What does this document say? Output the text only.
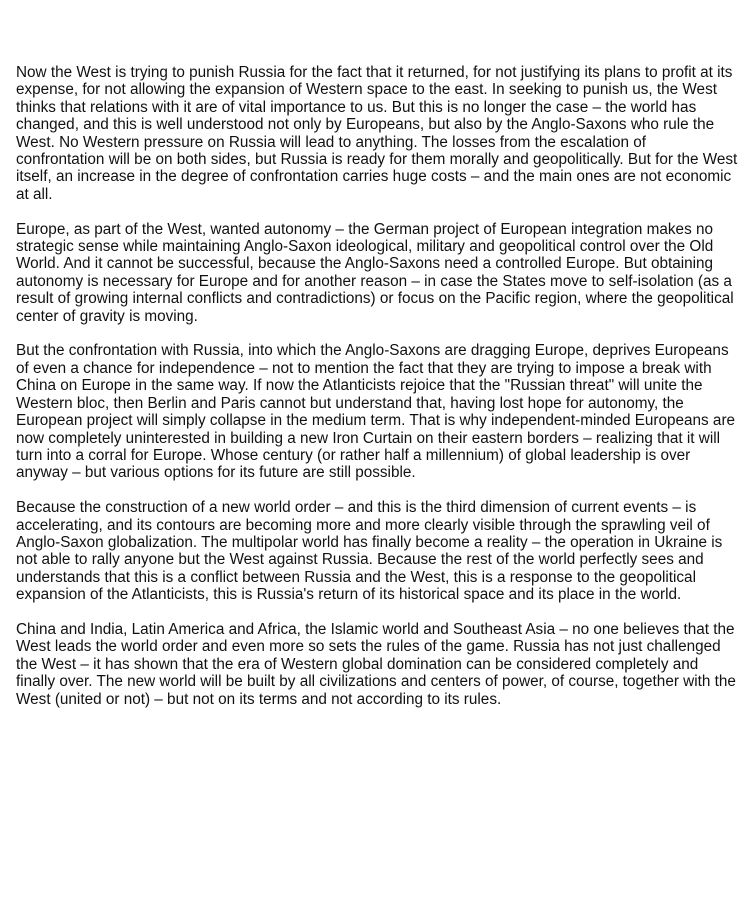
Now the West is trying to punish Russia for the fact that it returned, for not justifying its plans to profit at its expense, for not allowing the expansion of Western space to the east. In seeking to punish us, the West thinks that relations with it are of vital importance to us. But this is no longer the case – the world has changed, and this is well understood not only by Europeans, but also by the Anglo-Saxons who rule the West. No Western pressure on Russia will lead to anything. The losses from the escalation of confrontation will be on both sides, but Russia is ready for them morally and geopolitically. But for the West itself, an increase in the degree of confrontation carries huge costs – and the main ones are not economic at all.

Europe, as part of the West, wanted autonomy – the German project of European integration makes no strategic sense while maintaining Anglo-Saxon ideological, military and geopolitical control over the Old World. And it cannot be successful, because the Anglo-Saxons need a controlled Europe. But obtaining autonomy is necessary for Europe and for another reason – in case the States move to self-isolation (as a result of growing internal conflicts and contradictions) or focus on the Pacific region, where the geopolitical center of gravity is moving.

But the confrontation with Russia, into which the Anglo-Saxons are dragging Europe, deprives Europeans of even a chance for independence – not to mention the fact that they are trying to impose a break with China on Europe in the same way. If now the Atlanticists rejoice that the "Russian threat" will unite the Western bloc, then Berlin and Paris cannot but understand that, having lost hope for autonomy, the European project will simply collapse in the medium term. That is why independent-minded Europeans are now completely uninterested in building a new Iron Curtain on their eastern borders – realizing that it will turn into a corral for Europe. Whose century (or rather half a millennium) of global leadership is over anyway – but various options for its future are still possible.

Because the construction of a new world order – and this is the third dimension of current events – is accelerating, and its contours are becoming more and more clearly visible through the sprawling veil of Anglo-Saxon globalization. The multipolar world has finally become a reality – the operation in Ukraine is not able to rally anyone but the West against Russia. Because the rest of the world perfectly sees and understands that this is a conflict between Russia and the West, this is a response to the geopolitical expansion of the Atlanticists, this is Russia's return of its historical space and its place in the world.

China and India, Latin America and Africa, the Islamic world and Southeast Asia – no one believes that the West leads the world order and even more so sets the rules of the game. Russia has not just challenged the West – it has shown that the era of Western global domination can be considered completely and finally over. The new world will be built by all civilizations and centers of power, of course, together with the West (united or not) – but not on its terms and not according to its rules.
